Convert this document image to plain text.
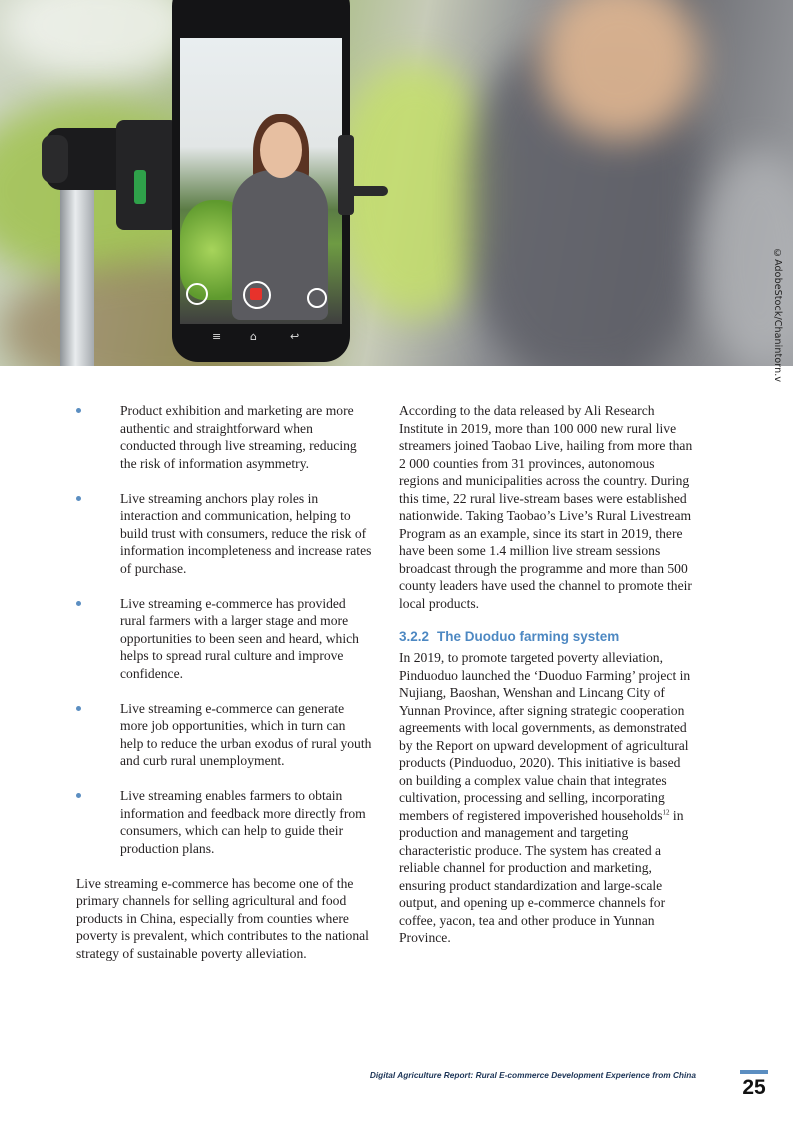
≡	⌂	↩	©AdobeStock/Chanintorn.v
Product exhibition and marketing are more authentic and straightforward when conducted through live streaming, reducing the risk of information asymmetry.
Live streaming anchors play roles in interaction and communication, helping to build trust with consumers, reduce the risk of information incompleteness and increase rates of purchase.
Live streaming e-commerce has provided rural farmers with a larger stage and more opportunities to been seen and heard, which helps to spread rural culture and improve confidence.
Live streaming e-commerce can generate more job opportunities, which in turn can help to reduce the urban exodus of rural youth and curb rural unemployment.
Live streaming enables farmers to obtain information and feedback more directly from consumers, which can help to guide their production plans.

Live streaming e-commerce has become one of the primary channels for selling agricultural and food products in China, especially from counties where poverty is prevalent, which contributes to the national strategy of sustainable poverty alleviation.

According to the data released by Ali Research Institute in 2019, more than 100 000 new rural live streamers joined Taobao Live, hailing from more than 2 000 counties from 31 provinces, autonomous regions and municipalities across the country. During this time, 22 rural live-stream bases were established nationwide. Taking Taobao’s Live’s Rural Livestream Program as an example, since its start in 2019, there have been some 1.4 million live stream sessions broadcast through the programme and more than 500 county leaders have used the channel to promote their local products.

3.2.2 The Duoduo farming system

In 2019, to promote targeted poverty alleviation, Pinduoduo launched the ‘Duoduo Farming’ project in Nujiang, Baoshan, Wenshan and Lincang City of Yunnan Province, after signing strategic cooperation agreements with local governments, as demonstrated by the Report on upward development of agricultural products (Pinduoduo, 2020). This initiative is based on building a complex value chain that integrates cultivation, processing and selling, incorporating members of registered impoverished households$^{12}$ in production and management and targeting characteristic produce. The system has created a reliable channel for production and marketing, ensuring product standardization and large-scale output, and opening up e-commerce channels for coffee, yacon, tea and other produce in Yunnan Province.

Digital Agriculture Report: Rural E-commerce Development Experience from China
25
